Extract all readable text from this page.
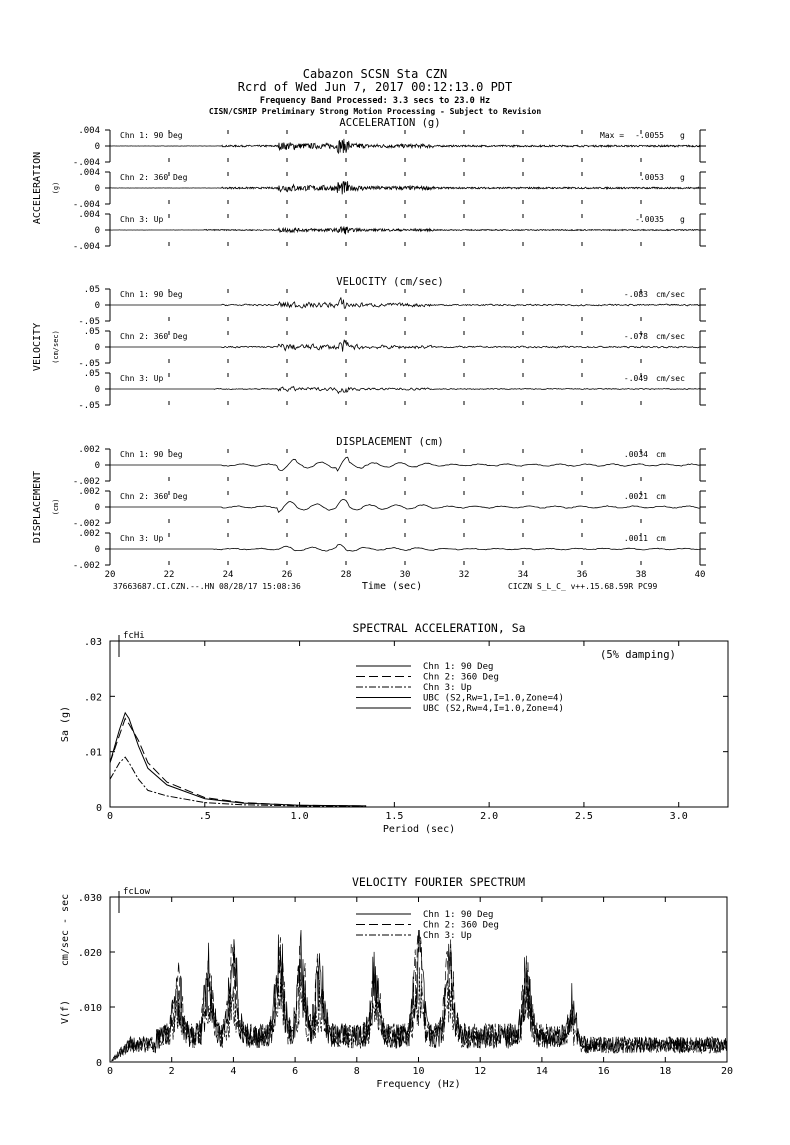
Cabazon SCSN Sta CZN
Rcrd of Wed Jun 7, 2017 00:12:13.0 PDT
Frequency Band Processed: 3.3 secs to 23.0 Hz
CISN/CSMIP Preliminary Strong Motion Processing - Subject to Revision
ACCELERATION (g)
ACCELERATION (g)
.004
0
-.004
Chn 1: 90 Deg	Max = -.0055 g
.004
0
-.004
Chn 2: 360 Deg	.0053 g
.004
0
-.004
Chn 3: Up	-.0035 g
VELOCITY (cm/sec)
VELOCITY (cm/sec)
.05
0
-.05
Chn 1: 90 Deg	-.083 cm/sec
.05
0
-.05
Chn 2: 360 Deg	-.078 cm/sec
.05
0
-.05
Chn 3: Up	-.049 cm/sec
DISPLACEMENT (cm)
DISPLACEMENT (cm)
.002
0
-.002
Chn 1: 90 Deg	.0034 cm
.002
0
-.002
Chn 2: 360 Deg	.0021 cm
.002
0
-.002
Chn 3: Up	.0011 cm
20	22	24	26	28	30	32	34	36	38	40
Time (sec)
37663687.CI.CZN.--.HN 08/28/17 15:08:36	CICZN S_L_C_ v++.15.68.59R PC99
SPECTRAL ACCELERATION, Sa
0	.5	1.0	1.5	2.0	2.5	3.0
0
.01
.02
.03
fcHi
Period (sec)
Sa (g)
(5% damping)
Chn 1: 90 Deg
Chn 2: 360 Deg
Chn 3: Up
UBC (S2,Rw=1,I=1.0,Zone=4)
UBC (S2,Rw=4,I=1.0,Zone=4)
VELOCITY FOURIER SPECTRUM
0	2	4	6	8	10	12	14	16	18	20
0
.010
.020
.030
fcLow
Frequency (Hz)
V(f)
cm/sec - sec	Chn 1: 90 Deg
Chn 2: 360 Deg
Chn 3: Up
